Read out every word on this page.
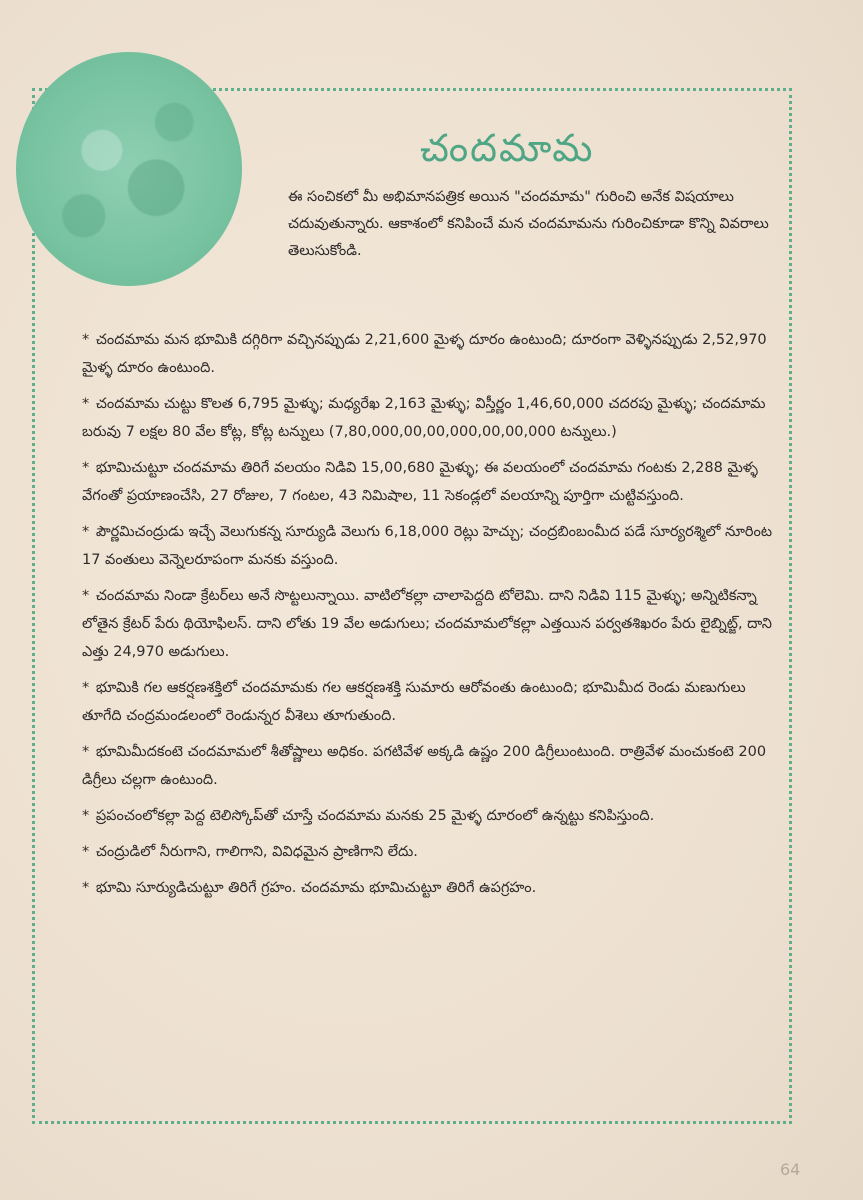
చందమామ
ఈ సంచికలో మీ అభిమానపత్రిక అయిన "చందమామ" గురించి అనేక విషయాలు చదువుతున్నారు. ఆకాశంలో కనిపించే మన చందమామను గురించికూడా కొన్ని వివరాలు తెలుసుకోండి.

* చందమామ మన భూమికి దగ్గిరిగా వచ్చినప్పుడు 2,21,600 మైళ్ళ దూరం ఉంటుంది; దూరంగా వెళ్ళినప్పుడు 2,52,970 మైళ్ళ దూరం ఉంటుంది.

* చందమామ చుట్టు కొలత 6,795 మైళ్ళు; మధ్యరేఖ 2,163 మైళ్ళు; విస్తీర్ణం 1,46,60,000 చదరపు మైళ్ళు; చందమామ బరువు 7 లక్షల 80 వేల కోట్ల, కోట్ల టన్నులు (7,80,000,00,00,000,00,00,000 టన్నులు.)

* భూమిచుట్టూ చందమామ తిరిగే వలయం నిడివి 15,00,680 మైళ్ళు; ఈ వలయంలో చందమామ గంటకు 2,288 మైళ్ళ వేగంతో ప్రయాణంచేసి, 27 రోజుల, 7 గంటల, 43 నిమిషాల, 11 సెకండ్లలో వలయాన్ని పూర్తిగా చుట్టివస్తుంది.

* పౌర్ణమిచంద్రుడు ఇచ్చే వెలుగుకన్న సూర్యుడి వెలుగు 6,18,000 రెట్లు హెచ్చు; చంద్రబింబంమీద పడే సూర్యరశ్మిలో నూరింట 17 వంతులు వెన్నెలరూపంగా మనకు వస్తుంది.

* చందమామ నిండా క్రేటర్‌లు అనే సొట్టలున్నాయి. వాటిలోకల్లా చాలాపెద్దది టోలెమి. దాని నిడివి 115 మైళ్ళు; అన్నిటికన్నా లోతైన క్రేటర్ పేరు థియోఫిలస్. దాని లోతు 19 వేల అడుగులు; చందమామలోకల్లా ఎత్తయిన పర్వతశిఖరం పేరు లైబ్నిట్జ్, దాని ఎత్తు 24,970 అడుగులు.

* భూమికి గల ఆకర్షణశక్తిలో చందమామకు గల ఆకర్షణశక్తి సుమారు ఆరోవంతు ఉంటుంది; భూమిమీద రెండు మణుగులు తూగేది చంద్రమండలంలో రెండున్నర వీశెలు తూగుతుంది.

* భూమిమీదకంటె చందమామలో శీతోష్ణాలు అధికం. పగటివేళ అక్కడి ఉష్ణం 200 డిగ్రీలుంటుంది. రాత్రివేళ మంచుకంటె 200 డిగ్రీలు చల్లగా ఉంటుంది.

* ప్రపంచంలోకల్లా పెద్ద టెలిస్కోప్‌తో చూస్తే చందమామ మనకు 25 మైళ్ళ దూరంలో ఉన్నట్టు కనిపిస్తుంది.

* చంద్రుడిలో నీరుగాని, గాలిగాని, వివిధమైన ప్రాణిగాని లేదు.

* భూమి సూర్యుడిచుట్టూ తిరిగే గ్రహం. చందమామ భూమిచుట్టూ తిరిగే ఉపగ్రహం.

64
